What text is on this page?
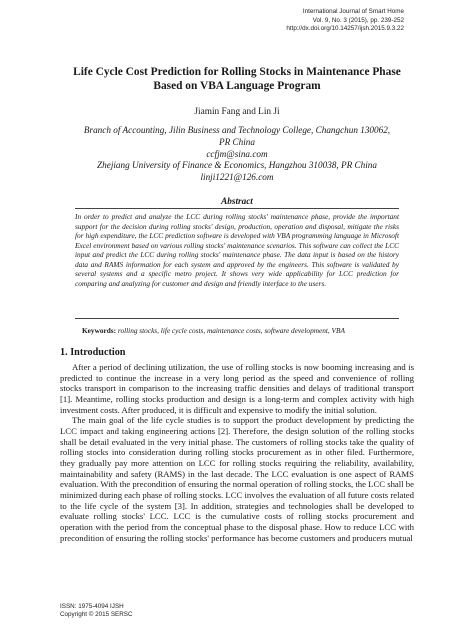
International Journal of Smart Home
Vol. 9, No. 3 (2015), pp. 239-252
http://dx.doi.org/10.14257/ijsh.2015.9.3.22
Life Cycle Cost Prediction for Rolling Stocks in Maintenance Phase
Based on VBA Language Program
Jiamin Fang and Lin Ji
Branch of Accounting, Jilin Business and Technology College, Changchun 130062,
PR China
ccfjm@sina.com
Zhejiang University of Finance & Economics, Hangzhou 310038, PR China
linji1221@126.com
Abstract
In order to predict and analyze the LCC during rolling stocks' maintenance phase, provide the important support for the decision during rolling stocks' design, production, operation and disposal, mitigate the risks for high expenditure, the LCC prediction software is developed with VBA programming language in Microsoft Excel environment based on various rolling stocks' maintenance scenarios. This software can collect the LCC input and predict the LCC during rolling stocks' maintenance phase. The data input is based on the history data and RAMS information for each system and approved by the engineers. This software is validated by several systems and a specific metro project. It shows very wide applicability for LCC prediction for comparing and analyzing for customer and design and friendly interface to the users.
Keywords: rolling stocks, life cycle costs, maintenance costs, software development, VBA
1. Introduction

After a period of declining utilization, the use of rolling stocks is now booming increasing and is predicted to continue the increase in a very long period as the speed and convenience of rolling stocks transport in comparison to the increasing traffic densities and delays of traditional transport [1]. Meantime, rolling stocks production and design is a long-term and complex activity with high investment costs. After produced, it is difficult and expensive to modify the initial solution.

The main goal of the life cycle studies is to support the product development by predicting the LCC impact and taking engineering actions [2]. Therefore, the design solution of the rolling stocks shall be detail evaluated in the very initial phase. The customers of rolling stocks take the quality of rolling stocks into consideration during rolling stocks procurement as in other filed. Furthermore, they gradually pay more attention on LCC for rolling stocks requiring the reliability, availability, maintainability and safety (RAMS) in the last decade. The LCC evaluation is one aspect of RAMS evaluation. With the precondition of ensuring the normal operation of rolling stocks, the LCC shall be minimized during each phase of rolling stocks. LCC involves the evaluation of all future costs related to the life cycle of the system [3]. In addition, strategies and technologies shall be developed to evaluate rolling stocks' LCC. LCC is the cumulative costs of rolling stocks procurement and operation with the period from the conceptual phase to the disposal phase. How to reduce LCC with precondition of ensuring the rolling stocks' performance has become customers and producers mutual

ISSN: 1975-4094 IJSH
Copyright © 2015 SERSC
